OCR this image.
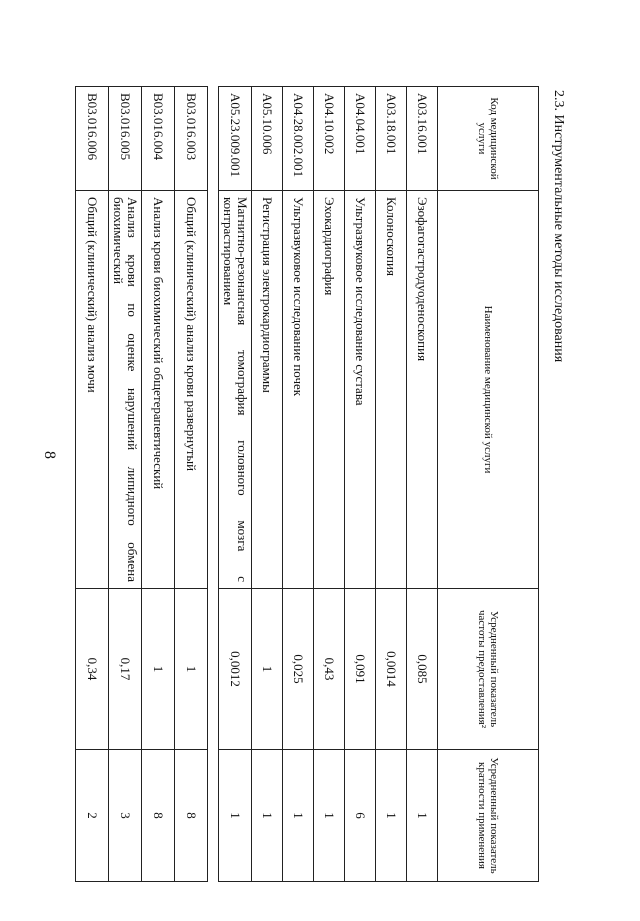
8
B03.016.003	Общий (клинический) анализ крови развернутый	1	8
B03.016.004	Анализ крови биохимический общетерапевтический	1	8
B03.016.005	Анализ крови по оценке нарушений липидного обмена биохимический	0,17	3
B03.016.006	Общий (клинический) анализ мочи	0,34	2
2.3. Инструментальные методы исследования
Код медицинской услуги	Наименование медицинской услуги	Усредненный показатель частоты предоставления²	Усредненный показатель кратности применения
A03.16.001	Эзофагогастродуоденоскопия	0,085	1
A03.18.001	Колоноскопия	0,0014	1
A04.04.001	Ультразвуковое исследование сустава	0,091	6
A04.10.002	Эхокардиография	0,43	1
A04.28.002.001	Ультразвуковое исследование почек	0,025	1
A05.10.006	Регистрация электрокардиограммы	1	1
A05.23.009.001	Магнитно-резонансная томография головного мозга с контрастированием	0,0012	1
